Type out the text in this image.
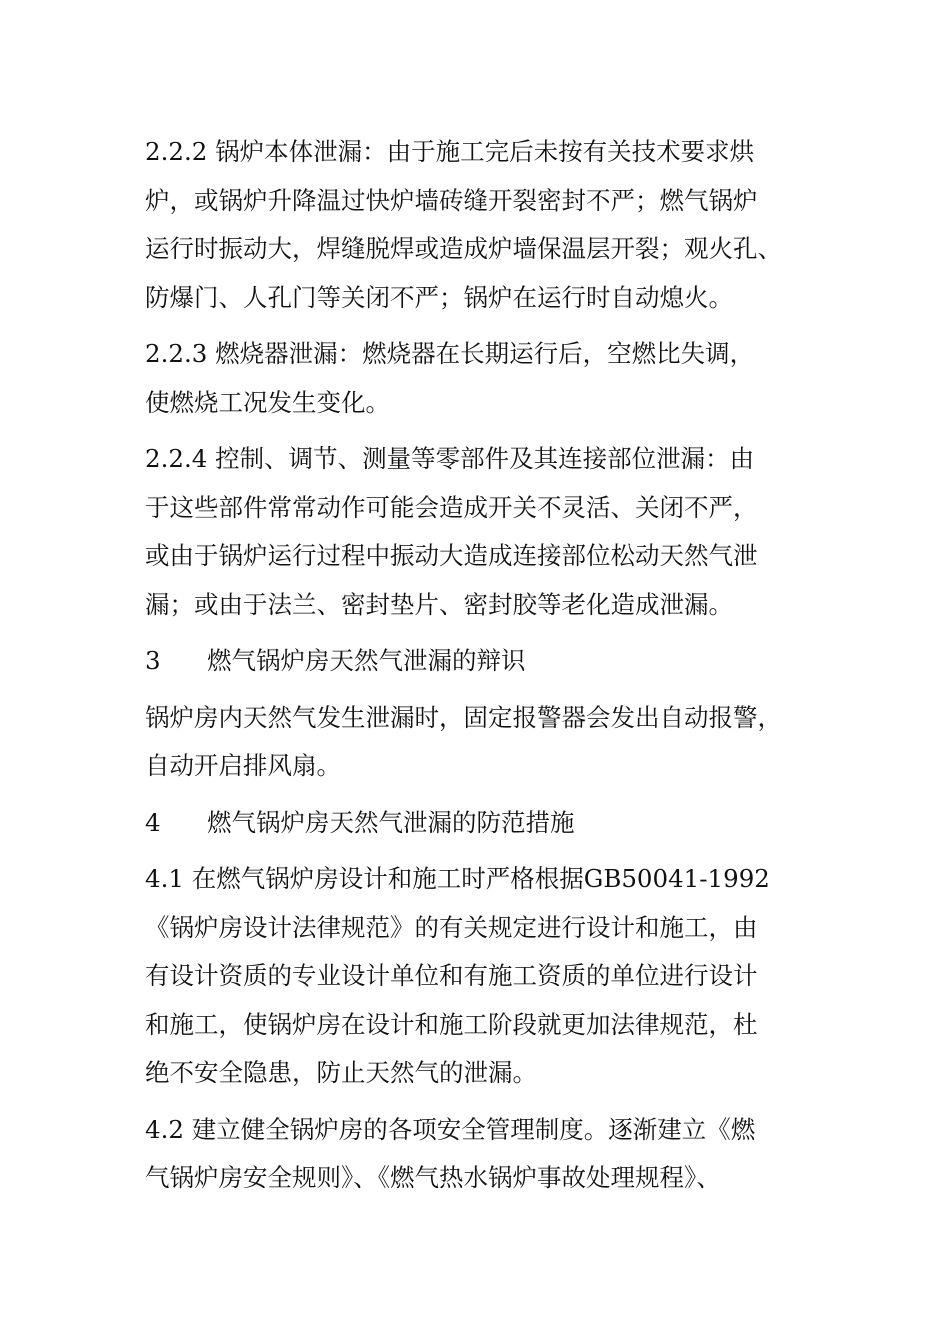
2.2.2 锅炉本体泄漏：由于施工完后未按有关技术要求烘
炉，或锅炉升降温过快炉墙砖缝开裂密封不严；燃气锅炉
运行时振动大，焊缝脱焊或造成炉墙保温层开裂；观火孔、
防爆门、人孔门等关闭不严；锅炉在运行时自动熄火。

2.2.3 燃烧器泄漏：燃烧器在长期运行后，空燃比失调，
使燃烧工况发生变化。

2.2.4 控制、调节、测量等零部件及其连接部位泄漏：由
于这些部件常常动作可能会造成开关不灵活、关闭不严，
或由于锅炉运行过程中振动大造成连接部位松动天然气泄
漏；或由于法兰、密封垫片、密封胶等老化造成泄漏。

3 燃气锅炉房天然气泄漏的辩识

锅炉房内天然气发生泄漏时，固定报警器会发出自动报警，
自动开启排风扇。

4 燃气锅炉房天然气泄漏的防范措施

4.1 在燃气锅炉房设计和施工时严格根据GB50041-1992
《锅炉房设计法律规范》的有关规定进行设计和施工，由
有设计资质的专业设计单位和有施工资质的单位进行设计
和施工，使锅炉房在设计和施工阶段就更加法律规范，杜
绝不安全隐患，防止天然气的泄漏。

4.2 建立健全锅炉房的各项安全管理制度。逐渐建立《燃
气锅炉房安全规则》、《燃气热水锅炉事故处理规程》、
